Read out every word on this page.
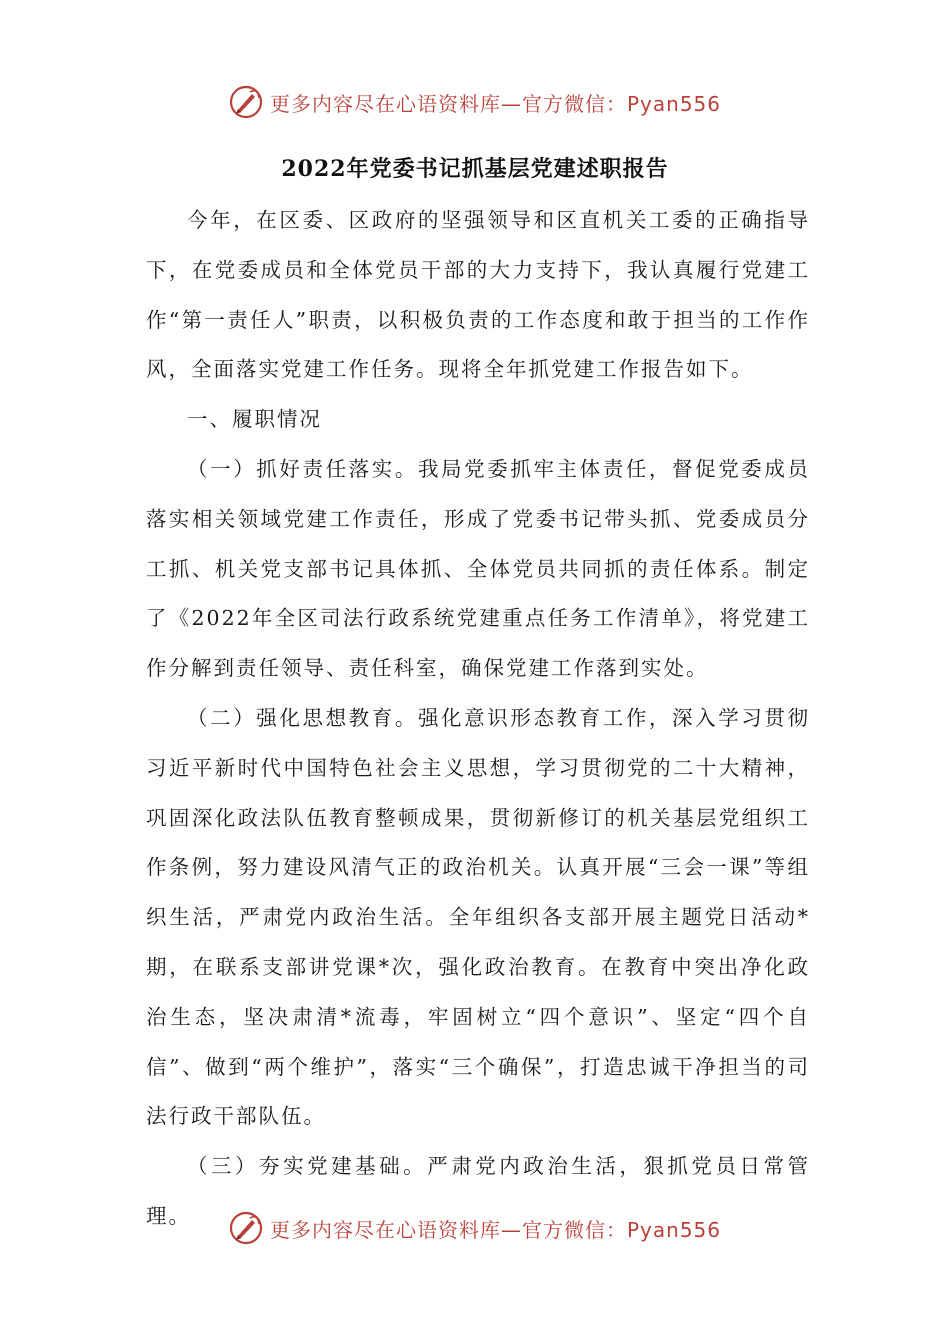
更多内容尽在心语资料库—官方微信：Pyan556
2022年党委书记抓基层党建述职报告

今年，在区委、区政府的坚强领导和区直机关工委的正确指导下，在党委成员和全体党员干部的大力支持下，我认真履行党建工作“第一责任人”职责，以积极负责的工作态度和敢于担当的工作作风，全面落实党建工作任务。现将全年抓党建工作报告如下。

一、履职情况

（一）抓好责任落实。我局党委抓牢主体责任，督促党委成员落实相关领域党建工作责任，形成了党委书记带头抓、党委成员分工抓、机关党支部书记具体抓、全体党员共同抓的责任体系。制定了《2022年全区司法行政系统党建重点任务工作清单》，将党建工作分解到责任领导、责任科室，确保党建工作落到实处。

（二）强化思想教育。强化意识形态教育工作，深入学习贯彻习近平新时代中国特色社会主义思想，学习贯彻党的二十大精神，巩固深化政法队伍教育整顿成果，贯彻新修订的机关基层党组织工作条例，努力建设风清气正的政治机关。认真开展“三会一课”等组织生活，严肃党内政治生活。全年组织各支部开展主题党日活动*期，在联系支部讲党课*次，强化政治教育。在教育中突出净化政治生态，坚决肃清*流毒，牢固树立“四个意识”、坚定“四个自信”、做到“两个维护”，落实“三个确保”，打造忠诚干净担当的司法行政干部队伍。

（三）夯实党建基础。严肃党内政治生活，狠抓党员日常管理。

更多内容尽在心语资料库—官方微信：Pyan556
